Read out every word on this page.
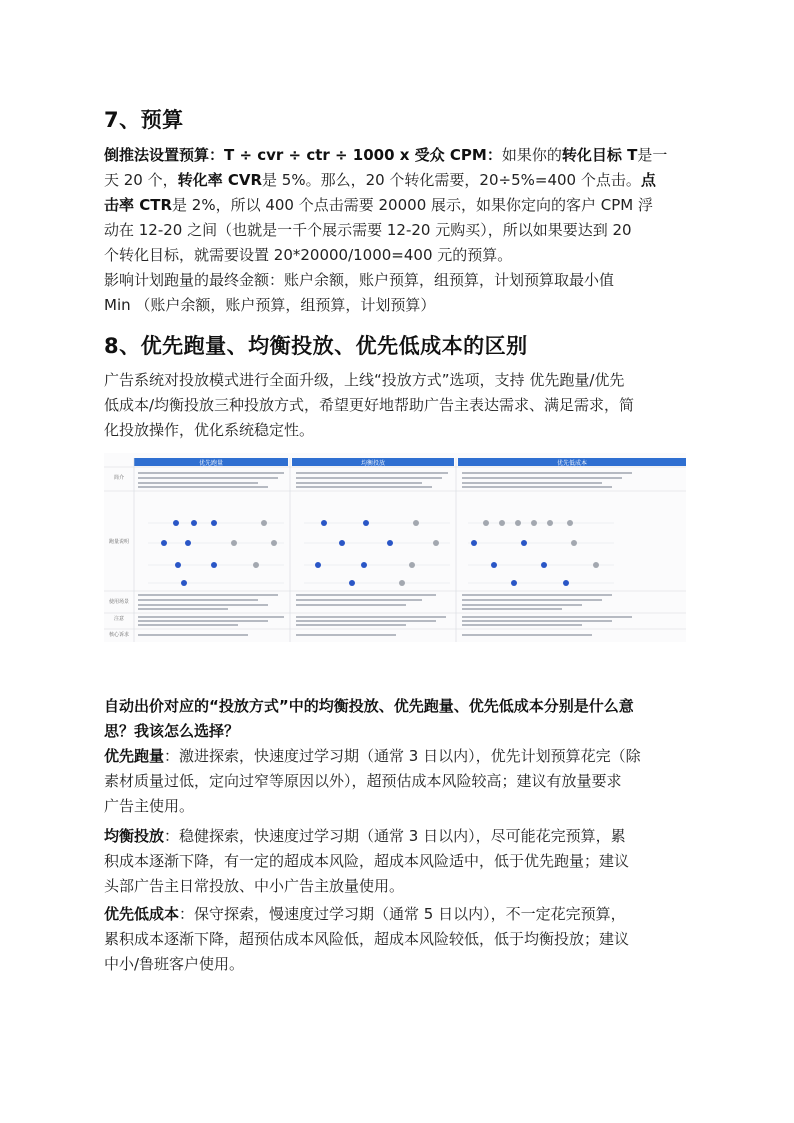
7、预算
倒推法设置预算：T ÷ cvr ÷ ctr ÷ 1000 x 受众 CPM：如果你的转化目标 T是一
天 20 个，转化率 CVR是 5%。那么，20 个转化需要，20÷5%=400 个点击。点
击率 CTR是 2%，所以 400 个点击需要 20000 展示，如果你定向的客户 CPM 浮
动在 12-20 之间（也就是一千个展示需要 12-20 元购买），所以如果要达到 20
个转化目标，就需要设置 20*20000/1000=400 元的预算。
影响计划跑量的最终金额：账户余额，账户预算，组预算，计划预算取最小值
Min （账户余额，账户预算，组预算，计划预算）
8、优先跑量、均衡投放、优先低成本的区别
广告系统对投放模式进行全面升级，上线“投放方式”选项，支持 优先跑量/优先
低成本/均衡投放三种投放方式，希望更好地帮助广告主表达需求、满足需求，简
化投放操作，优化系统稳定性。
优先跑量	均衡投放	优先低成本
简介
跑量说明
使用场景
注意
核心诉求
自动出价对应的“投放方式”中的均衡投放、优先跑量、优先低成本分别是什么意
思？我该怎么选择？
优先跑量：激进探索，快速度过学习期（通常 3 日以内），优先计划预算花完（除
素材质量过低，定向过窄等原因以外），超预估成本风险较高；建议有放量要求
广告主使用。
均衡投放：稳健探索，快速度过学习期（通常 3 日以内），尽可能花完预算，累
积成本逐渐下降，有一定的超成本风险，超成本风险适中，低于优先跑量；建议
头部广告主日常投放、中小广告主放量使用。
优先低成本：保守探索，慢速度过学习期（通常 5 日以内），不一定花完预算，
累积成本逐渐下降，超预估成本风险低，超成本风险较低，低于均衡投放；建议
中小/鲁班客户使用。
